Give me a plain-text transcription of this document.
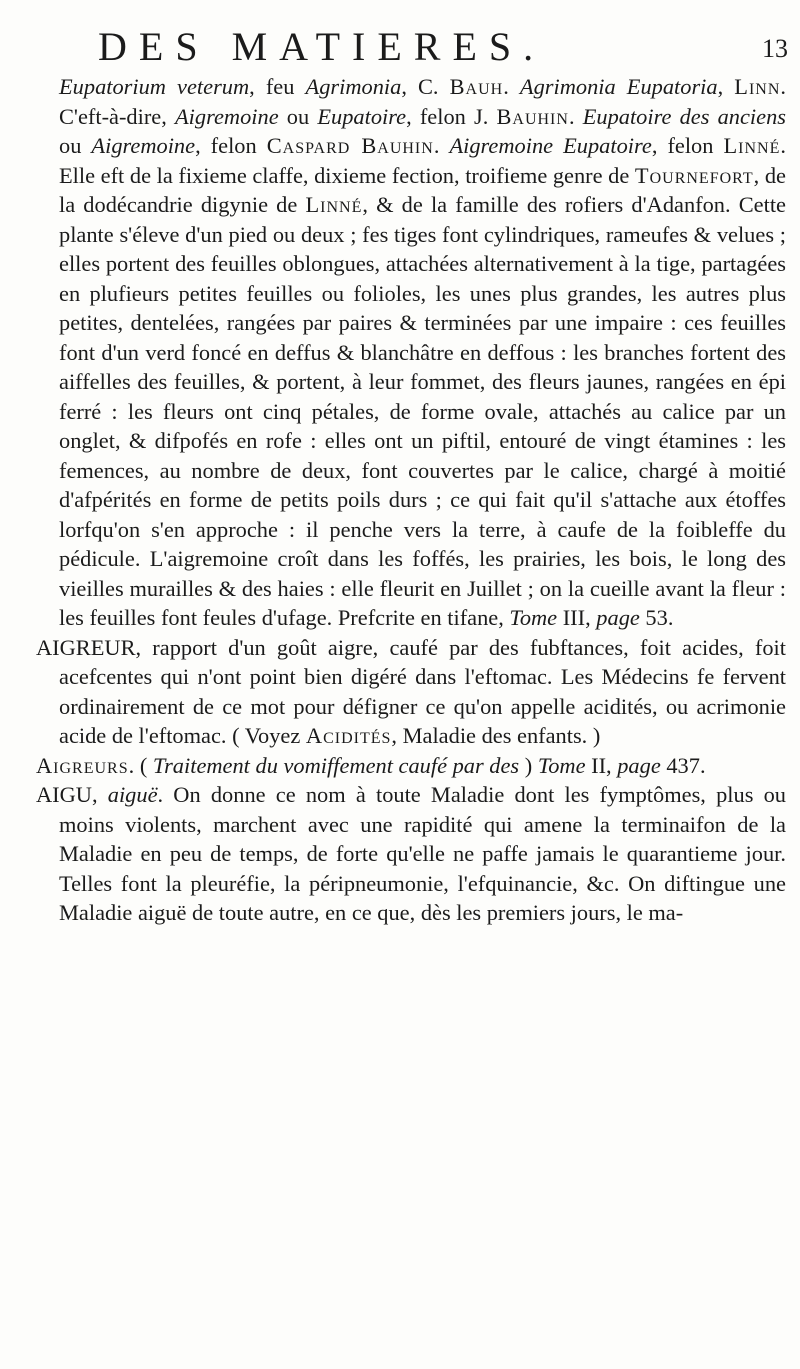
DES MATIERES.	13

Eupatorium veterum, feu Agrimonia, C. Bauh. Agrimonia Eupatoria, Linn. C'eft-à-dire, Aigremoine ou Eupatoire, felon J. Bauhin. Eupatoire des anciens ou Aigremoine, felon Caspard Bauhin. Aigremoine Eupatoire, felon Linné. Elle eft de la fixieme claffe, dixieme fection, troifieme genre de Tournefort, de la dodécandrie digynie de Linné, & de la famille des rofiers d'Adanfon. Cette plante s'éleve d'un pied ou deux ; fes tiges font cylindriques, rameufes & velues ; elles portent des feuilles oblongues, attachées alternativement à la tige, partagées en plufieurs petites feuilles ou folioles, les unes plus grandes, les autres plus petites, dentelées, rangées par paires & terminées par une impaire : ces feuilles font d'un verd foncé en deffus & blanchâtre en deffous : les branches fortent des aiffelles des feuilles, & portent, à leur fommet, des fleurs jaunes, rangées en épi ferré : les fleurs ont cinq pétales, de forme ovale, attachés au calice par un onglet, & difpofés en rofe : elles ont un piftil, entouré de vingt étamines : les femences, au nombre de deux, font couvertes par le calice, chargé à moitié d'afpérités en forme de petits poils durs ; ce qui fait qu'il s'attache aux étoffes lorfqu'on s'en approche : il penche vers la terre, à caufe de la foibleffe du pédicule. L'aigremoine croît dans les foffés, les prairies, les bois, le long des vieilles murailles & des haies : elle fleurit en Juillet ; on la cueille avant la fleur : les feuilles font feules d'ufage. Prefcrite en tifane, Tome III, page 53.

AIGREUR, rapport d'un goût aigre, caufé par des fubftances, foit acides, foit acefcentes qui n'ont point bien digéré dans l'eftomac. Les Médecins fe fervent ordinairement de ce mot pour défigner ce qu'on appelle acidités, ou acrimonie acide de l'eftomac. ( Voyez Acidités, Maladie des enfants. )

Aigreurs. ( Traitement du vomiffement caufé par des ) Tome II, page 437.

AIGU, aiguë. On donne ce nom à toute Maladie dont les fymptômes, plus ou moins violents, marchent avec une rapidité qui amene la terminaifon de la Maladie en peu de temps, de forte qu'elle ne paffe jamais le quarantieme jour. Telles font la pleuréfie, la péripneumonie, l'efquinancie, &c. On diftingue une Maladie aiguë de toute autre, en ce que, dès les premiers jours, le ma-
